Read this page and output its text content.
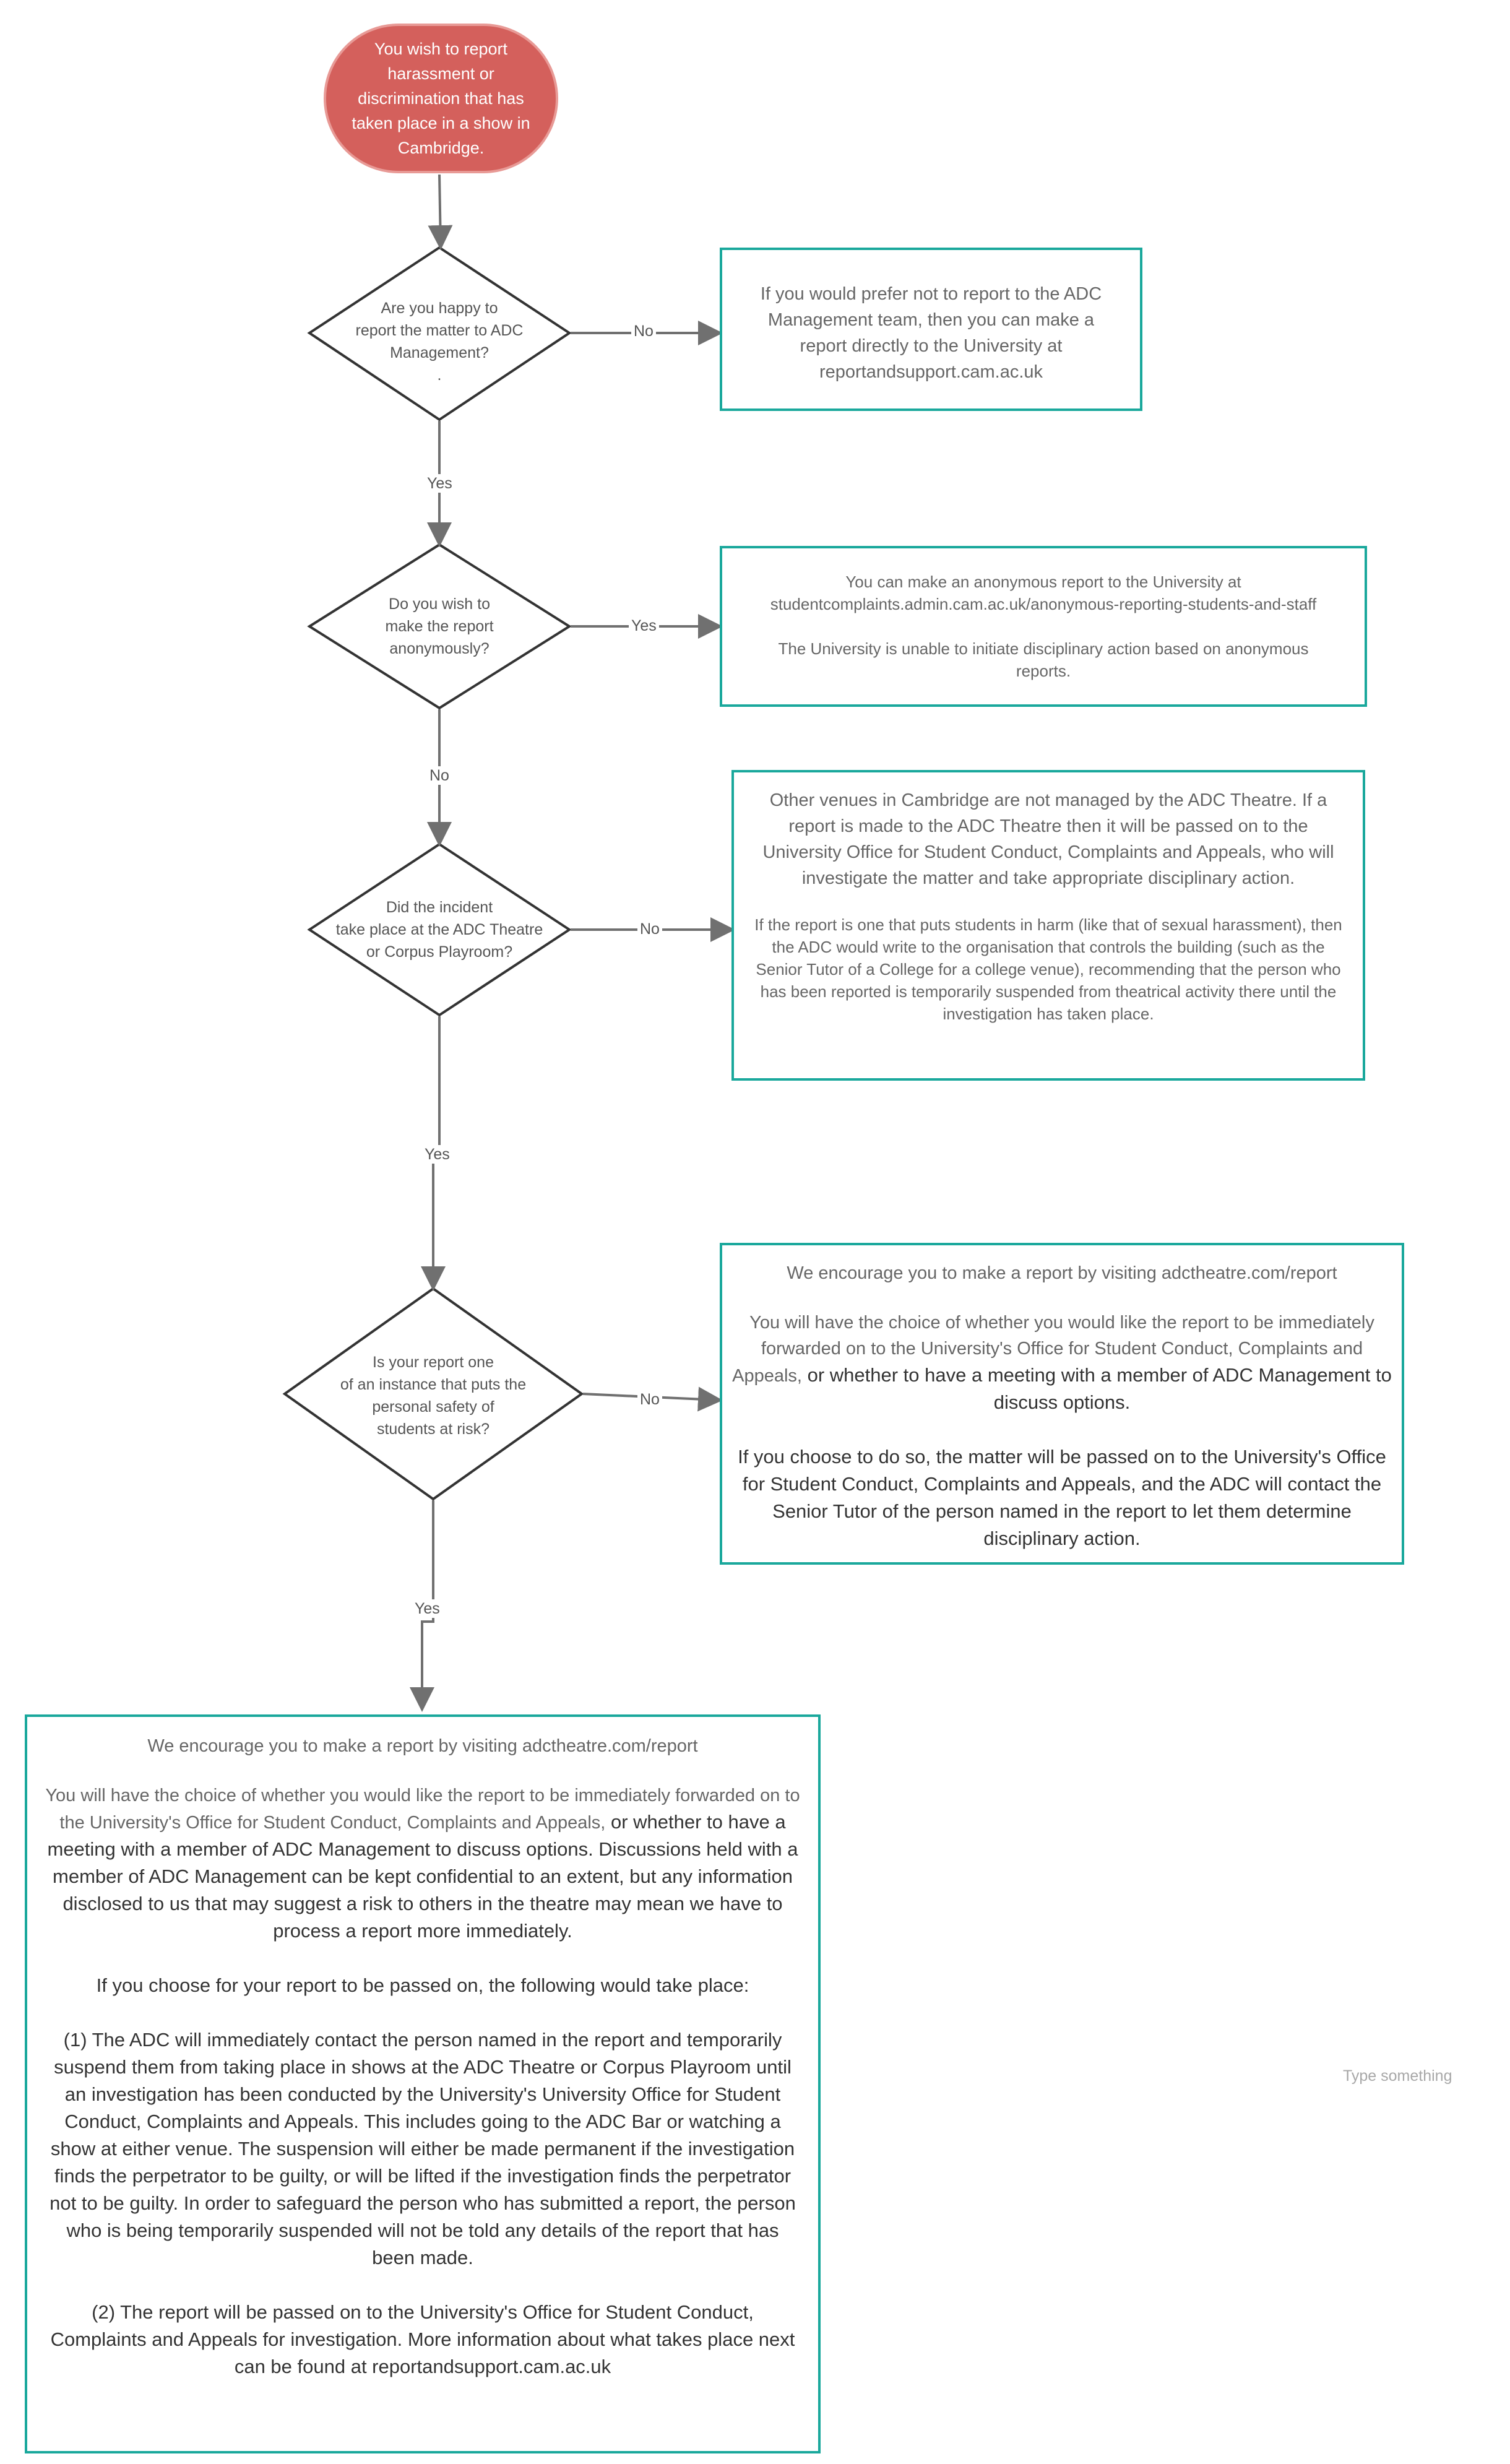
You wish to report
harassment or
discrimination that has
taken place in a show in
Cambridge.
Are you happy to
report the matter to ADC
Management?
.
Do you wish to
make the report
anonymously?
Did the incident
take place at the ADC Theatre
or Corpus Playroom?
Is your report one
of an instance that puts the
personal safety of
students at risk?
No
Yes
Yes
No
No
Yes
No
Yes

If you would prefer not to report to the ADC Management team, then you can make a report directly to the University at reportandsupport.cam.ac.uk

You can make an anonymous report to the University at

studentcomplaints.admin.cam.ac.uk/anonymous-reporting-students-and-staff

The University is unable to initiate disciplinary action based on anonymous reports.

Other venues in Cambridge are not managed by the ADC Theatre. If a report is made to the ADC Theatre then it will be passed on to the University Office for Student Conduct, Complaints and Appeals, who will investigate the matter and take appropriate disciplinary action.

If the report is one that puts students in harm (like that of sexual harassment), then the ADC would write to the organisation that controls the building (such as the Senior Tutor of a College for a college venue), recommending that the person who has been reported is temporarily suspended from theatrical activity there until the investigation has taken place.

We encourage you to make a report by visiting adctheatre.com/report

You will have the choice of whether you would like the report to be immediately forwarded on to the University's Office for Student Conduct, Complaints and Appeals, or whether to have a meeting with a member of ADC Management to discuss options.

If you choose to do so, the matter will be passed on to the University's Office for Student Conduct, Complaints and Appeals, and the ADC will contact the Senior Tutor of the person named in the report to let them determine disciplinary action.

We encourage you to make a report by visiting adctheatre.com/report

You will have the choice of whether you would like the report to be immediately forwarded on to the University's Office for Student Conduct, Complaints and Appeals, or whether to have a meeting with a member of ADC Management to discuss options. Discussions held with a member of ADC Management can be kept confidential to an extent, but any information disclosed to us that may suggest a risk to others in the theatre may mean we have to process a report more immediately.

If you choose for your report to be passed on, the following would take place:

(1) The ADC will immediately contact the person named in the report and temporarily suspend them from taking place in shows at the ADC Theatre or Corpus Playroom until an investigation has been conducted by the University's University Office for Student Conduct, Complaints and Appeals. This includes going to the ADC Bar or watching a show at either venue. The suspension will either be made permanent if the investigation finds the perpetrator to be guilty, or will be lifted if the investigation finds the perpetrator not to be guilty. In order to safeguard the person who has submitted a report, the person who is being temporarily suspended will not be told any details of the report that has been made.

(2) The report will be passed on to the University's Office for Student Conduct, Complaints and Appeals for investigation. More information about what takes place next can be found at reportandsupport.cam.ac.uk

Type something
